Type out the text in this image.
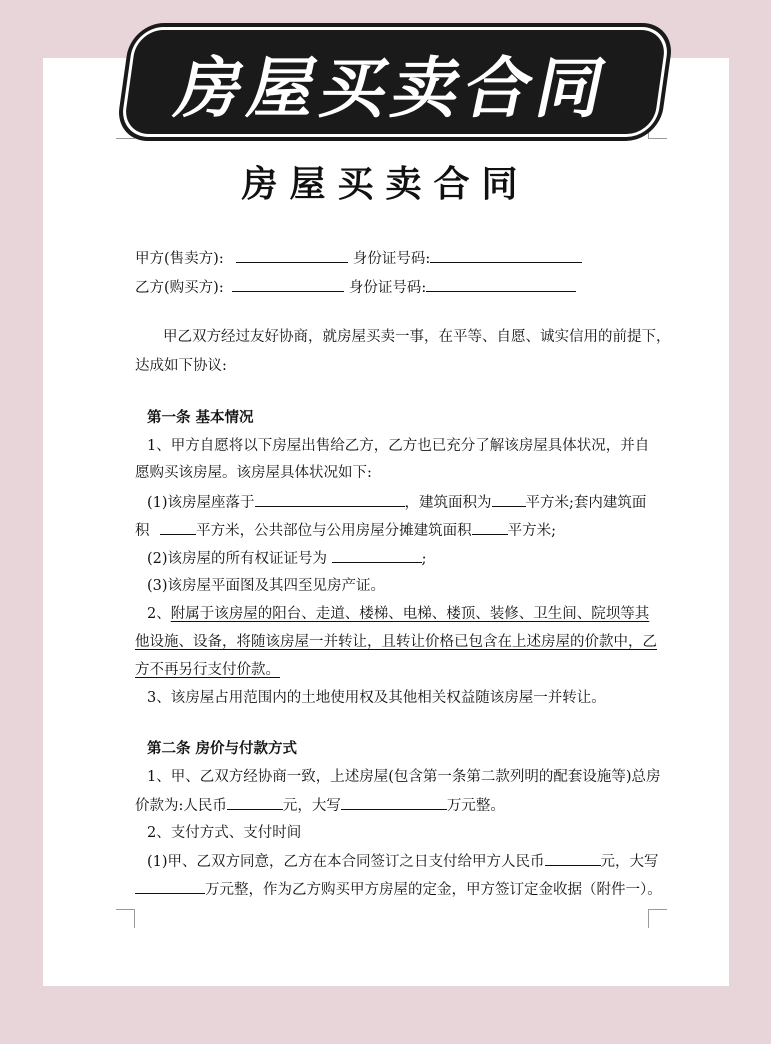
房屋买卖合同
房屋买卖合同
甲方(售卖方):	身份证号码:
乙方(购买方):	身份证号码:
甲乙双方经过友好协商，就房屋买卖一事，在平等、自愿、诚实信用的前提下，
达成如下协议:
第一条 基本情况
1、甲方自愿将以下房屋出售给乙方，乙方也已充分了解该房屋具体状况，并自
愿购买该房屋。该房屋具体状况如下:
(1)该房屋座落于	，建筑面积为 平方米;套内建筑面
积	平方米，公共部位与公用房屋分摊建筑面积 平方米;
(2)该房屋的所有权证证号为	;
(3)该房屋平面图及其四至见房产证。
2、附属于该房屋的阳台、走道、楼梯、电梯、楼顶、装修、卫生间、院坝等其
他设施、设备，将随该房屋一并转让，且转让价格已包含在上述房屋的价款中，乙
方不再另行支付价款。
3、该房屋占用范围内的土地使用权及其他相关权益随该房屋一并转让。
第二条 房价与付款方式
1、甲、乙双方经协商一致，上述房屋(包含第一条第二款列明的配套设施等)总房
价款为:人民币	元，大写	万元整。
2、支付方式、支付时间
(1)甲、乙双方同意，乙方在本合同签订之日支付给甲方人民币	元，大写
万元整，作为乙方购买甲方房屋的定金，甲方签订定金收据（附件一）。
